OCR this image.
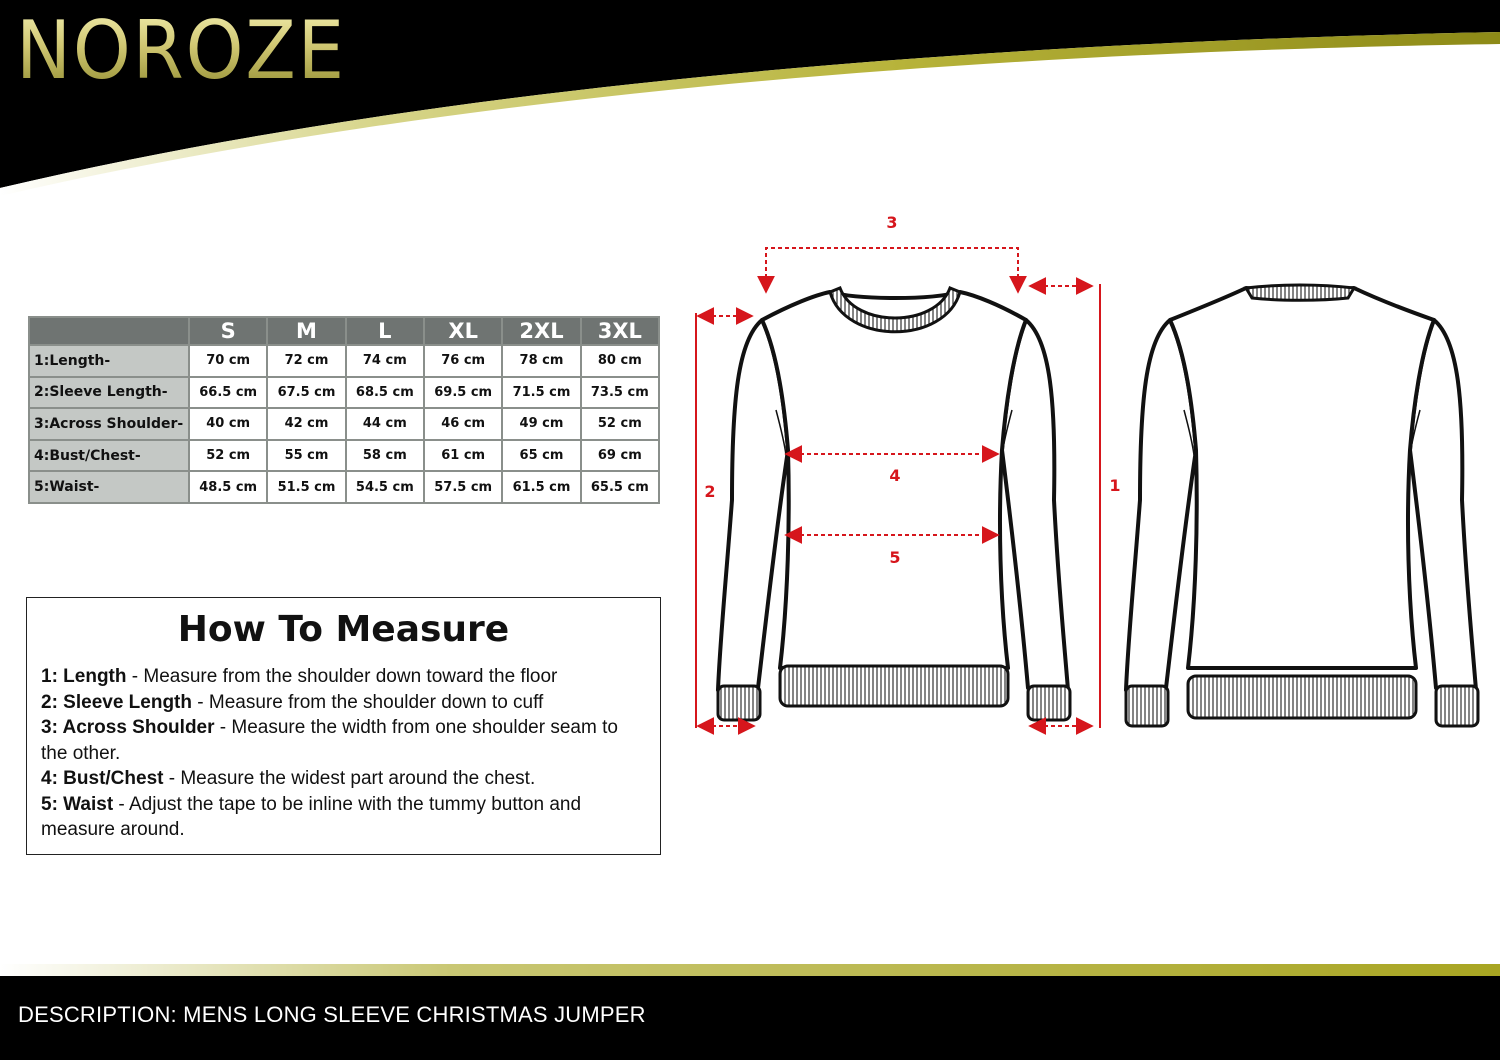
NOROZE
	S	M	L	XL	2XL	3XL
1:Length-	70 cm	72 cm	74 cm	76 cm	78 cm	80 cm
2:Sleeve Length-	66.5 cm	67.5 cm	68.5 cm	69.5 cm	71.5 cm	73.5 cm
3:Across Shoulder-	40 cm	42 cm	44 cm	46 cm	49 cm	52 cm
4:Bust/Chest-	52 cm	55 cm	58 cm	61 cm	65 cm	69 cm
5:Waist-	48.5 cm	51.5 cm	54.5 cm	57.5 cm	61.5 cm	65.5 cm
How To Measure

1: Length - Measure from the shoulder down toward the floor

2: Sleeve Length - Measure from the shoulder down to cuff

3: Across Shoulder - Measure the width from one shoulder seam to the other.

4: Bust/Chest - Measure the widest part around the chest.

5: Waist - Adjust the tape to be inline with the tummy button and measure around.

3
4
5
2	1
DESCRIPTION: MENS LONG SLEEVE CHRISTMAS JUMPER
